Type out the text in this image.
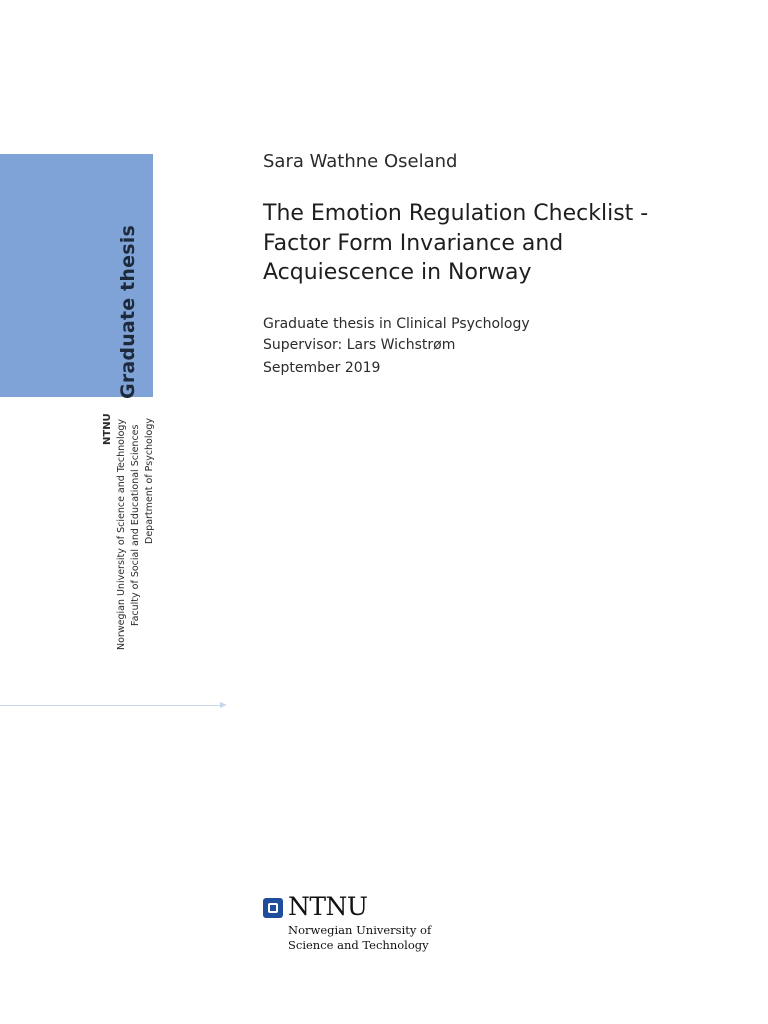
Graduate thesis
NTNU Norwegian University of Science and Technology Faculty of Social and Educational Sciences Department of Psychology
Sara Wathne Oseland
The Emotion Regulation Checklist -
Factor Form Invariance and
Acquiescence in Norway
Graduate thesis in Clinical Psychology
Supervisor: Lars Wichstrøm
September 2019
NTNU
Norwegian University of
Science and Technology
